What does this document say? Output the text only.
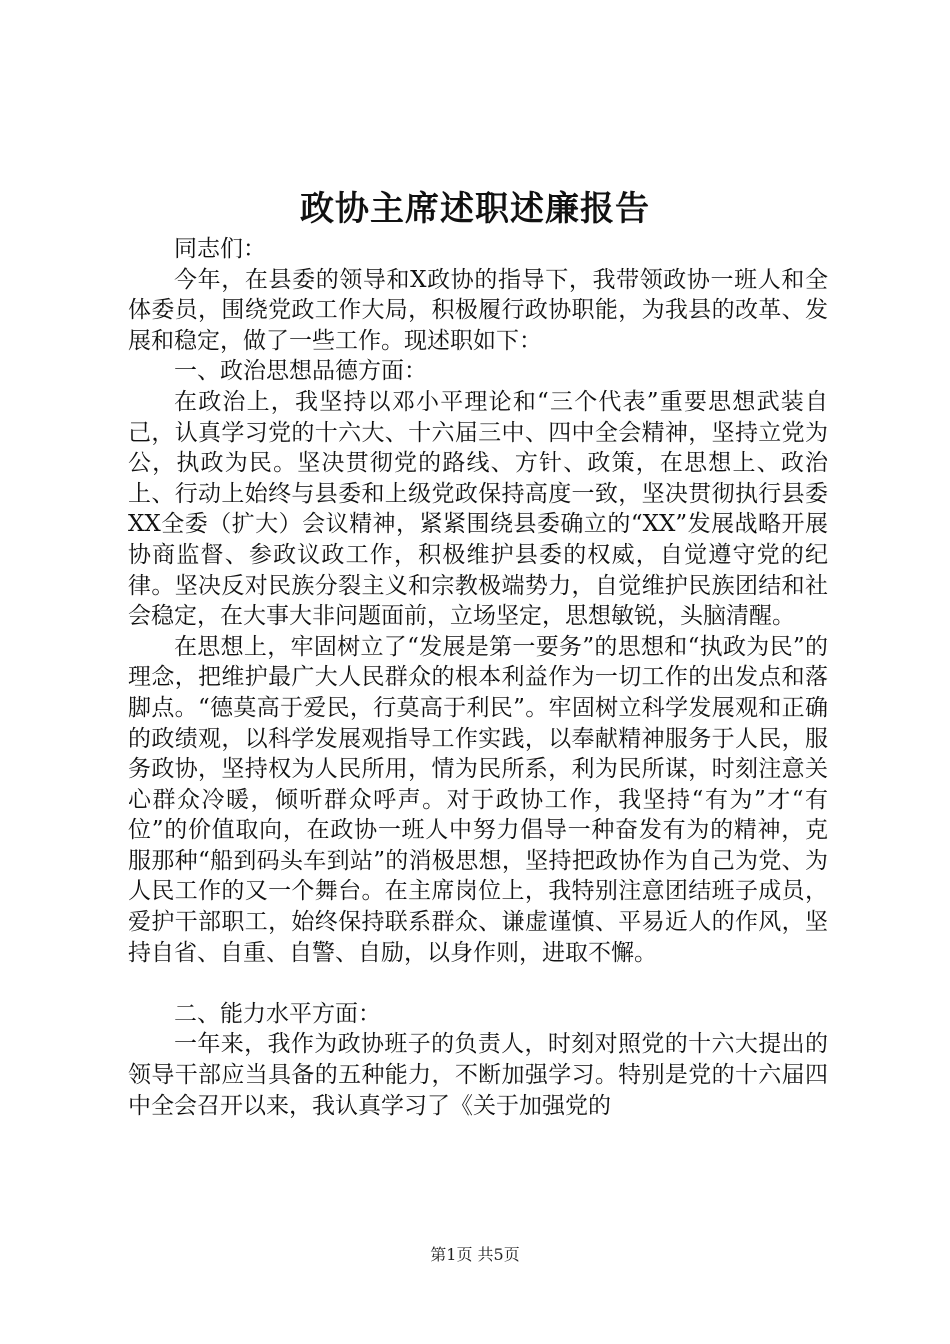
政协主席述职述廉报告

同志们：

今年，在县委的领导和X政协的指导下，我带领政协一班人和全体委员，围绕党政工作大局，积极履行政协职能，为我县的改革、发展和稳定，做了一些工作。现述职如下：

一、政治思想品德方面：

在政治上，我坚持以邓小平理论和“三个代表”重要思想武装自己，认真学习党的十六大、十六届三中、四中全会精神，坚持立党为公，执政为民。坚决贯彻党的路线、方针、政策，在思想上、政治上、行动上始终与县委和上级党政保持高度一致，坚决贯彻执行县委XX全委（扩大）会议精神，紧紧围绕县委确立的“XX”发展战略开展协商监督、参政议政工作，积极维护县委的权威，自觉遵守党的纪律。坚决反对民族分裂主义和宗教极端势力，自觉维护民族团结和社会稳定，在大事大非问题面前，立场坚定，思想敏锐，头脑清醒。

在思想上，牢固树立了“发展是第一要务”的思想和“执政为民”的理念，把维护最广大人民群众的根本利益作为一切工作的出发点和落脚点。“德莫高于爱民，行莫高于利民”。牢固树立科学发展观和正确的政绩观，以科学发展观指导工作实践，以奉献精神服务于人民，服务政协，坚持权为人民所用，情为民所系，利为民所谋，时刻注意关心群众冷暖，倾听群众呼声。对于政协工作，我坚持“有为”才“有位”的价值取向，在政协一班人中努力倡导一种奋发有为的精神，克服那种“船到码头车到站”的消极思想，坚持把政协作为自己为党、为人民工作的又一个舞台。在主席岗位上，我特别注意团结班子成员，爱护干部职工，始终保持联系群众、谦虚谨慎、平易近人的作风，坚持自省、自重、自警、自励，以身作则，进取不懈。

二、能力水平方面：

一年来，我作为政协班子的负责人，时刻对照党的十六大提出的领导干部应当具备的五种能力，不断加强学习。特别是党的十六届四中全会召开以来，我认真学习了《关于加强党的

第1页 共5页
